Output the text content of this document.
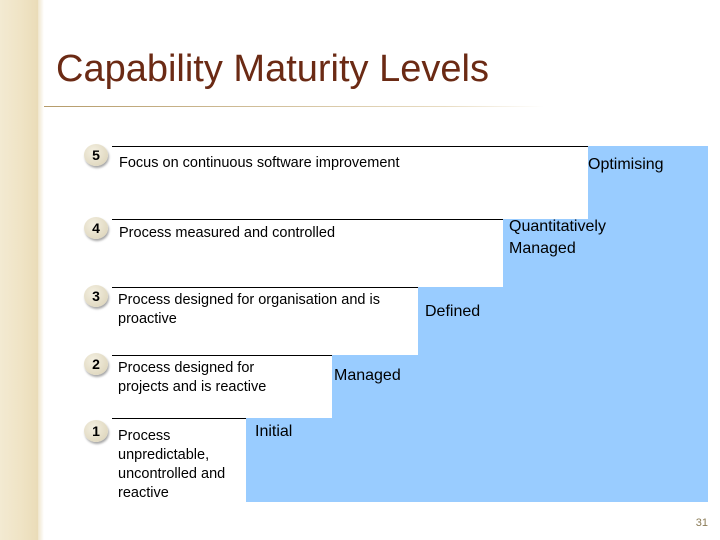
Capability Maturity Levels
5
4
3
2
1
Focus on continuous software improvement
Process measured and controlled
Process designed for organisation and is proactive
Process designed for projects and is reactive
Process unpredictable, uncontrolled and reactive
Optimising
Quantitatively Managed
Defined
Managed
Initial
31
